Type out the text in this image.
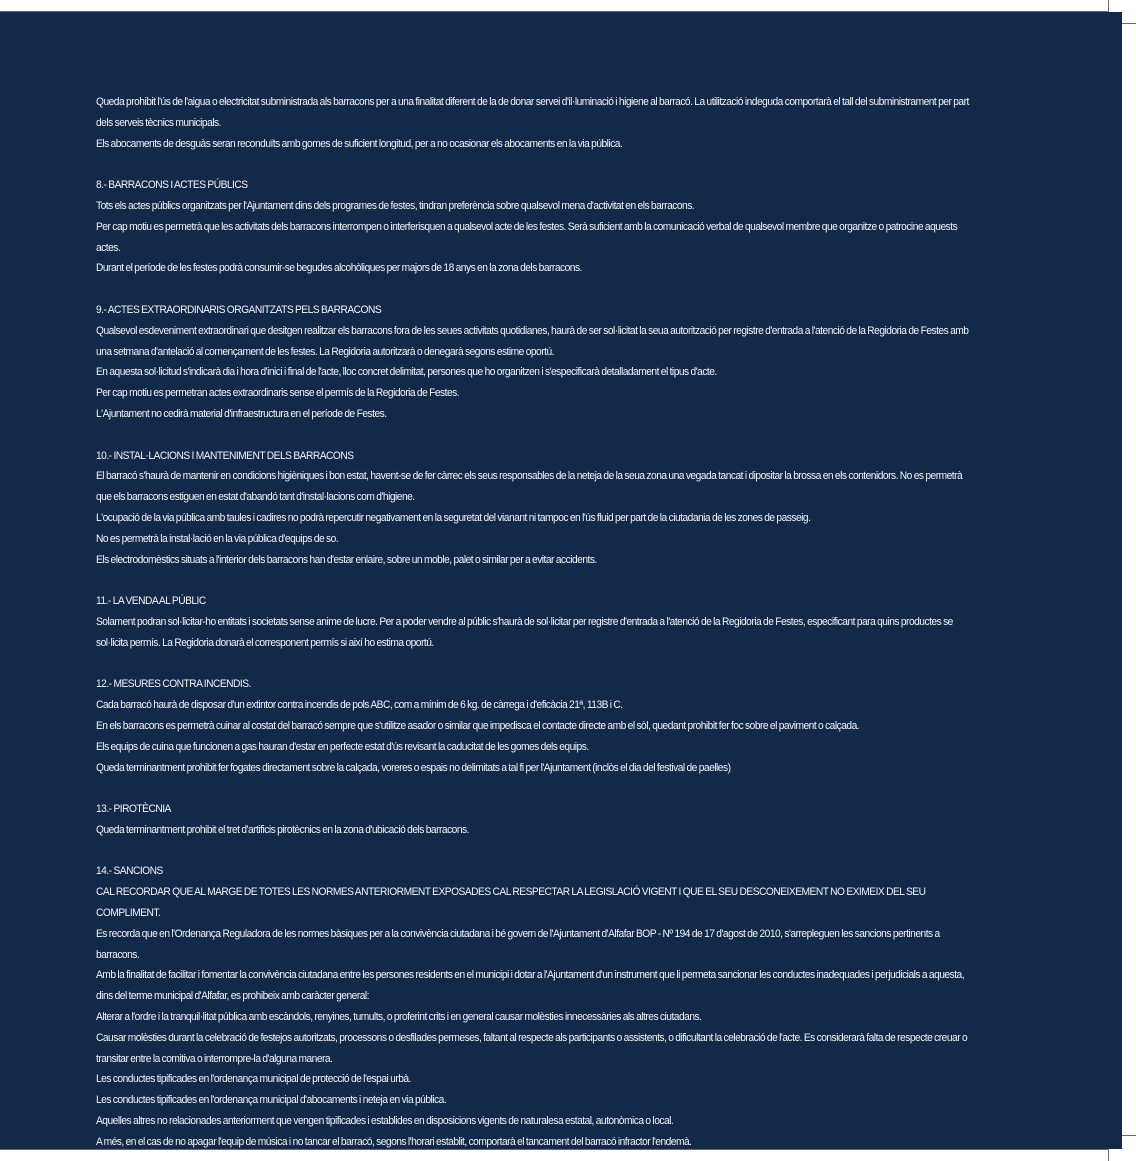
Queda prohibit l'ús de l'aigua o electricitat subministrada als barracons per a una finalitat diferent de la de donar servei d'il·luminació i higiene al barracó. La utilització indeguda comportarà el tall del subministrament per part dels serveis tècnics municipals.

Els abocaments de desguàs seran reconduïts amb gomes de suficient longitud, per a no ocasionar els abocaments en la via pública.

8.- BARRACONS I ACTES PÚBLICS

Tots els actes públics organitzats per l'Ajuntament dins dels programes de festes, tindran preferència sobre qualsevol mena d'activitat en els barracons.

Per cap motiu es permetrà que les activitats dels barracons interrompen o interferisquen a qualsevol acte de les festes. Serà suficient amb la comunicació verbal de qualsevol membre que organitze o patrocine aquests actes.

Durant el període de les festes podrà consumir-se begudes alcohòliques per majors de 18 anys en la zona dels barracons.

9.- ACTES EXTRAORDINARIS ORGANITZATS PELS BARRACONS

Qualsevol esdeveniment extraordinari que desitgen realitzar els barracons fora de les seues activitats quotidianes, haurà de ser sol·licitat la seua autorització per registre d'entrada a l'atenció de la Regidoria de Festes amb una setmana d'antelació al començament de les festes. La Regidoria autoritzarà o denegarà segons estime oportú.

En aquesta sol·licitud s'indicarà dia i hora d'inici i final de l'acte, lloc concret delimitat, persones que ho organitzen i s'especificarà detalladament el tipus d'acte.

Per cap motiu es permetran actes extraordinaris sense el permís de la Regidoria de Festes.

L'Ajuntament no cedirà material d'infraestructura en el període de Festes.

10.- INSTAL·LACIONS I MANTENIMENT DELS BARRACONS

El barracó s'haurà de mantenir en condicions higièniques i bon estat, havent-se de fer càrrec els seus responsables de la neteja de la seua zona una vegada tancat i dipositar la brossa en els contenidors. No es permetrà que els barracons estiguen en estat d'abandó tant d'instal·lacions com d'higiene.

L'ocupació de la via pública amb taules i cadires no podrà repercutir negativament en la seguretat del vianant ni tampoc en l'ús fluid per part de la ciutadania de les zones de passeig.

No es permetrà la instal·lació en la via pública d'equips de so.

Els electrodomèstics situats a l'interior dels barracons han d'estar enlaire, sobre un moble, palet o similar per a evitar accidents.

11.- LA VENDA AL PÚBLIC

Solament podran sol·licitar-ho entitats i societats sense anime de lucre. Per a poder vendre al públic s'haurà de sol·licitar per registre d'entrada a l'atenció de la Regidoria de Festes, especificant para quins productes se sol·licita permís. La Regidoria donarà el corresponent permís si així ho estima oportú.

12.- MESURES CONTRA INCENDIS.

Cada barracó haurà de disposar d'un extintor contra incendis de pols ABC, com a mínim de 6 kg. de càrrega i d'eficàcia 21ª, 113B i C.

En els barracons es permetrà cuinar al costat del barracó sempre que s'utilitze asador o similar que impedisca el contacte directe amb el sòl, quedant prohibit fer foc sobre el paviment o calçada.

Els equips de cuina que funcionen a gas hauran d'estar en perfecte estat d'ús revisant la caducitat de les gomes dels equips.

Queda terminantment prohibit fer fogates directament sobre la calçada, voreres o espais no delimitats a tal fi per l'Ajuntament (inclòs el dia del festival de paelles)

13.- PIROTÈCNIA

Queda terminantment prohibit el tret d'artificis pirotècnics en la zona d'ubicació dels barracons.

14.- SANCIONS

CAL RECORDAR QUE AL MARGE DE TOTES LES NORMES ANTERIORMENT EXPOSADES CAL RESPECTAR LA LEGISLACIÓ VIGENT I QUE EL SEU DESCONEIXEMENT NO EXIMEIX DEL SEU COMPLIMENT.

Es recorda que en l'Ordenança Reguladora de les normes bàsiques per a la convivència ciutadana i bé govern de l'Ajuntament d'Alfafar BOP - Nº 194 de 17 d'agost de 2010, s'arrepleguen les sancions pertinents a barracons.

Amb la finalitat de facilitar i fomentar la convivència ciutadana entre les persones residents en el municipi i dotar a l'Ajuntament d'un instrument que li permeta sancionar les conductes inadequades i perjudicials a aquesta, dins del terme municipal d'Alfafar, es prohibeix amb caràcter general:

Alterar a l'ordre i la tranquil·litat pública amb escàndols, renyines, tumults, o proferint crits i en general causar molèsties innecessàries als altres ciutadans.

Causar molèsties durant la celebració de festejos autoritzats, processons o desfilades permeses, faltant al respecte als participants o assistents, o dificultant la celebració de l'acte. Es considerarà falta de respecte creuar o transitar entre la comitiva o interrompre-la d'alguna manera.

Les conductes tipificades en l'ordenança municipal de protecció de l'espai urbà.

Les conductes tipificades en l'ordenança municipal d'abocaments i neteja en via pública.

Aquelles altres no relacionades anteriorment que vengen tipificades i establides en disposicions vigents de naturalesa estatal, autonòmica o local.

A més, en el cas de no apagar l'equip de música i no tancar el barracó, segons l'horari establit, comportarà el tancament del barracó infractor l'endemà.
